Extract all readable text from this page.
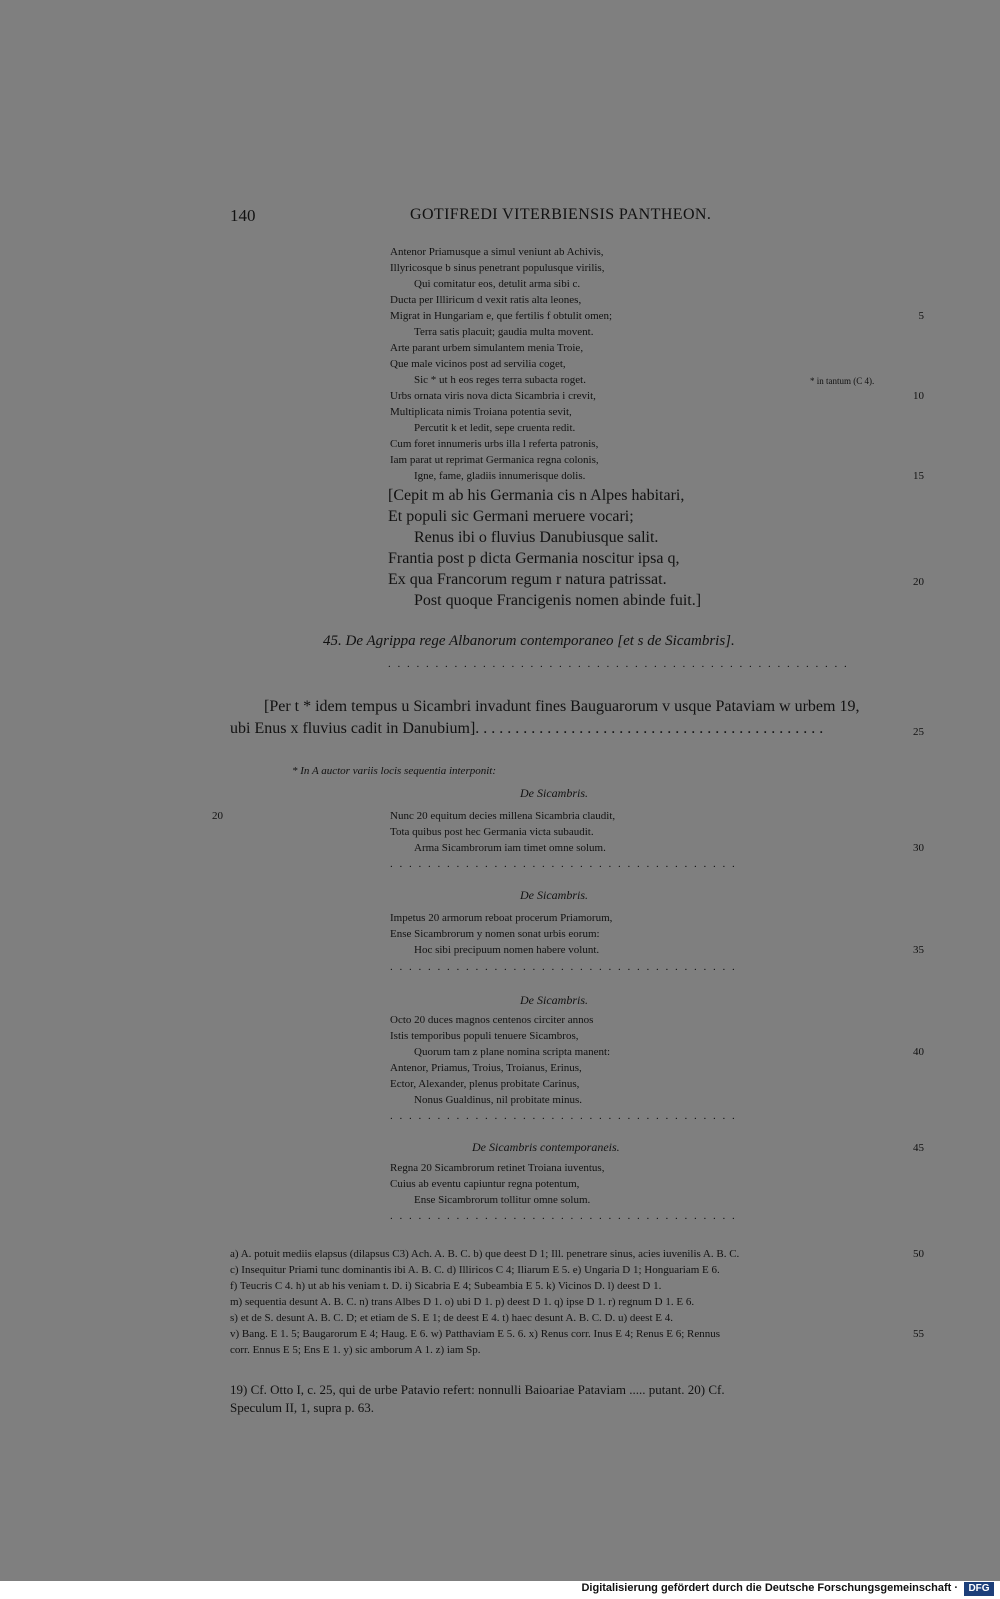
140	GOTIFREDI VITERBIENSIS PANTHEON.
Antenor Priamusque a simul veniunt ab Achivis,
Illyricosque b sinus penetrant populusque virilis,
Qui comitatur eos, detulit arma sibi c.
Ducta per Illiricum d vexit ratis alta leones,
Migrat in Hungariam e, que fertilis f obtulit omen;
Terra satis placuit; gaudia multa movent.
Arte parant urbem simulantem menia Troie,
Que male vicinos post ad servilia coget,
Sic * ut h eos reges terra subacta roget.
Urbs ornata viris nova dicta Sicambria i crevit,
Multiplicata nimis Troiana potentia sevit,
Percutit k et ledit, sepe cruenta redit.
Cum foret innumeris urbs illa l referta patronis,
Iam parat ut reprimat Germanica regna colonis,
Igne, fame, gladiis innumerisque dolis.
* in tantum (C 4).
5
10
15
[Cepit m ab his Germania cis n Alpes habitari,
Et populi sic Germani meruere vocari;
Renus ibi o fluvius Danubiusque salit.
Frantia post p dicta Germania noscitur ipsa q,
Ex qua Francorum regum r natura patrissat.
Post quoque Francigenis nomen abinde fuit.]
20
45. De Agrippa rege Albanorum contemporaneo [et s de Sicambris].
. . . . . . . . . . . . . . . . . . . . . . . . . . . . . . . . . . . . . . . . . . . . . . . . .
[Per t * idem tempus u Sicambri invadunt fines Bauguarorum v usque Pataviam w urbem 19,
ubi Enus x fluvius cadit in Danubium]. . . . . . . . . . . . . . . . . . . . . . . . . . . . . . . . . . . . . . . . . . . .	25
* In A auctor variis locis sequentia interponit:
20
De Sicambris.
Nunc 20 equitum decies millena Sicambria claudit,
Tota quibus post hec Germania victa subaudit.
Arma Sicambrorum iam timet omne solum.
. . . . . . . . . . . . . . . . . . . . . . . . . . . . . . . . . . . . .
30
De Sicambris.
Impetus 20 armorum reboat procerum Priamorum,
Ense Sicambrorum y nomen sonat urbis eorum:
Hoc sibi precipuum nomen habere volunt.
. . . . . . . . . . . . . . . . . . . . . . . . . . . . . . . . . . . . .
35
De Sicambris.
Octo 20 duces magnos centenos circiter annos
Istis temporibus populi tenuere Sicambros,
Quorum tam z plane nomina scripta manent:
Antenor, Priamus, Troius, Troianus, Erinus,
Ector, Alexander, plenus probitate Carinus,
Nonus Gualdinus, nil probitate minus.
. . . . . . . . . . . . . . . . . . . . . . . . . . . . . . . . . . . . .
40
De Sicambris contemporaneis.
Regna 20 Sicambrorum retinet Troiana iuventus,
Cuius ab eventu capiuntur regna potentum,
Ense Sicambrorum tollitur omne solum.
. . . . . . . . . . . . . . . . . . . . . . . . . . . . . . . . . . . . .
45
a) A. potuit mediis elapsus (dilapsus C3) Ach. A. B. C. b) que deest D 1; Ill. penetrare sinus, acies iuvenilis A. B. C.
c) Insequitur Priami tunc dominantis ibi A. B. C. d) Illiricos C 4; Iliarum E 5. e) Ungaria D 1; Honguariam E 6.
f) Teucris C 4. h) ut ab his veniam t. D. i) Sicabria E 4; Subeambia E 5. k) Vicinos D. l) deest D 1.
m) sequentia desunt A. B. C. n) trans Albes D 1. o) ubi D 1. p) deest D 1. q) ipse D 1. r) regnum D 1. E 6.
s) et de S. desunt A. B. C. D; et etiam de S. E 1; de deest E 4. t) haec desunt A. B. C. D. u) deest E 4.
v) Bang. E 1. 5; Baugarorum E 4; Haug. E 6. w) Patthaviam E 5. 6. x) Renus corr. Inus E 4; Renus E 6; Rennus
corr. Ennus E 5; Ens E 1. y) sic amborum A 1. z) iam Sp.
50
55
19) Cf. Otto I, c. 25, qui de urbe Patavio refert: nonnulli Baioariae Pataviam ..... putant. 20) Cf.
Speculum II, 1, supra p. 63.
Digitalisierung gefördert durch die Deutsche Forschungsgemeinschaft ·	DFG
